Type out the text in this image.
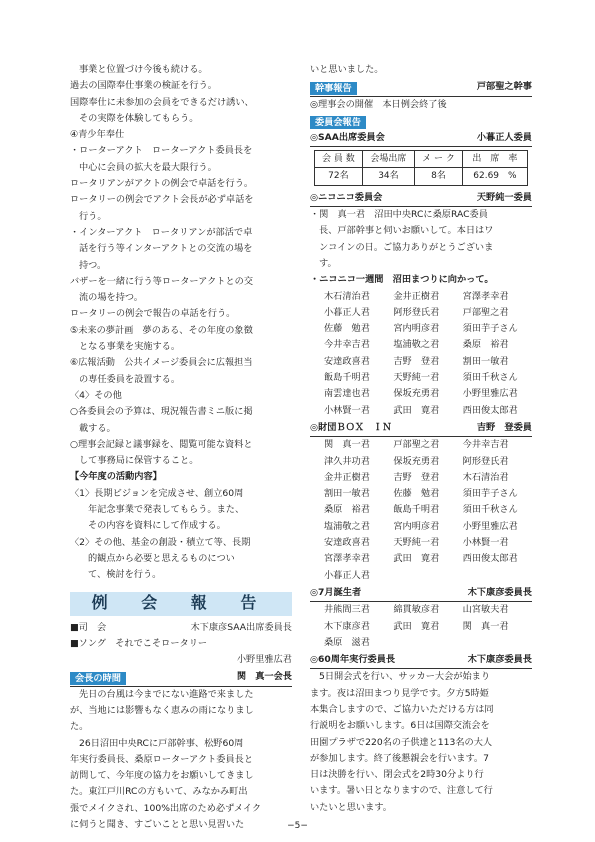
事業と位置づけ今後も続ける。
過去の国際奉仕事業の検証を行う。
国際奉仕に未参加の会員をできるだけ誘い、
その実際を体験してもらう。
④青少年奉仕
・ローターアクト　ローターアクト委員長を
中心に会員の拡大を最大限行う。
ロータリアンがアクトの例会で卓話を行う。
ロータリーの例会でアクト会長が必ず卓話を
行う。
・インターアクト　ロータリアンが部活で卓
話を行う等インターアクトとの交流の場を
持つ。
バザーを一緒に行う等ローターアクトとの交
流の場を持つ。
ロータリーの例会で報告の卓話を行う。
⑤未来の夢計画　夢のある、その年度の象徴
となる事業を実施する。
⑥広報活動　公共イメージ委員会に広報担当
の専任委員を設置する。
〈4〉その他
○各委員会の予算は、現況報告書ミニ版に掲
載する。
○理事会記録と議事録を、閲覧可能な資料と
して事務局に保管すること。
【今年度の活動内容】
〈1〉長期ビジョンを完成させ、創立60周
年記念事業で発表してもらう。また、
その内容を資料にして作成する。
〈2〉その他、基金の創設・積立て等、長期
的観点から必要と思えるものについ
て、検討を行う。
例 会 報 告
■司　会	木下康彦SAA出席委員長
■ソング　それでこそロータリー
小野里雅広君
会長の時間	関　真一会長
先日の台風は今までにない進路で来ました
が、当地には影響もなく恵みの雨になりまし
た。
26日沼田中央RCに戸部幹事、松野60周
年実行委員長、桑原ローターアクト委員長と
訪問して、今年度の協力をお願いしてきまし
た。東江戸川RCの方もいて、みなかみ町出
張でメイクされ、100%出席のため必ずメイク
に伺うと聞き、すごいことと思い見習いた
いと思いました。
幹事報告	戸部聖之幹事
◎理事会の開催　本日例会終了後
委員会報告
◎SAA出席委員会	小暮正人委員
会 員 数	会場出席	メ ー ク	出　席　率
72名	34名	8名	62.69　%
◎ニコニコ委員会	天野純一委員
・関　真一君　沼田中央RCに桑原RAC委員
長、戸部幹事と伺いお願いして。本日はワ
ンコインの日。ご協力ありがとうございま
す。
・ニコニコ一週間　沼田まつりに向かって。
木石清治君	金井正樹君	宮澤孝幸君
小暮正人君	阿形登氏君	戸部聖之君
佐藤　勉君	宮内明彦君	須田芋子さん
今井幸吉君	塩浦敬之君	桑原　裕君
安達政喜君	吉野　登君	割田一敏君
飯島千明君	天野純一君	須田千秋さん
南雲達也君	保坂充勇君	小野里雅広君
小林賢一君	武田　寛君	西田俊太郎君
◎財団ＢＯＸ　ＩＮ	吉野　登委員
関　真一君	戸部聖之君	今井幸吉君
津久井功君	保坂充勇君	阿形登氏君
金井正樹君	吉野　登君	木石清治君
割田一敏君	佐藤　勉君	須田芋子さん
桑原　裕君	飯島千明君	須田千秋さん
塩浦敬之君	宮内明彦君	小野里雅広君
安達政喜君	天野純一君	小林賢一君
宮澤孝幸君	武田　寛君	西田俊太郎君
小暮正人君
◎7月誕生者	木下康彦委員長
井熊間三君	綿貫敏彦君	山宮敏夫君
木下康彦君	武田　寛君	関　真一君
桑原　滋君
◎60周年実行委員長	木下康彦委員長
5日開会式を行い、サッカー大会が始まり
ます。夜は沼田まつり見学です。夕方5時姫
本集合しますので、ご協力いただける方は同
行説明をお願いします。6日は国際交流会を
田園プラザで220名の子供達と113名の大人
が参加します。終了後懇親会を行います。7
日は決勝を行い、閉会式を2時30分より行
います。暑い日となりますので、注意して行
いたいと思います。
−5−
